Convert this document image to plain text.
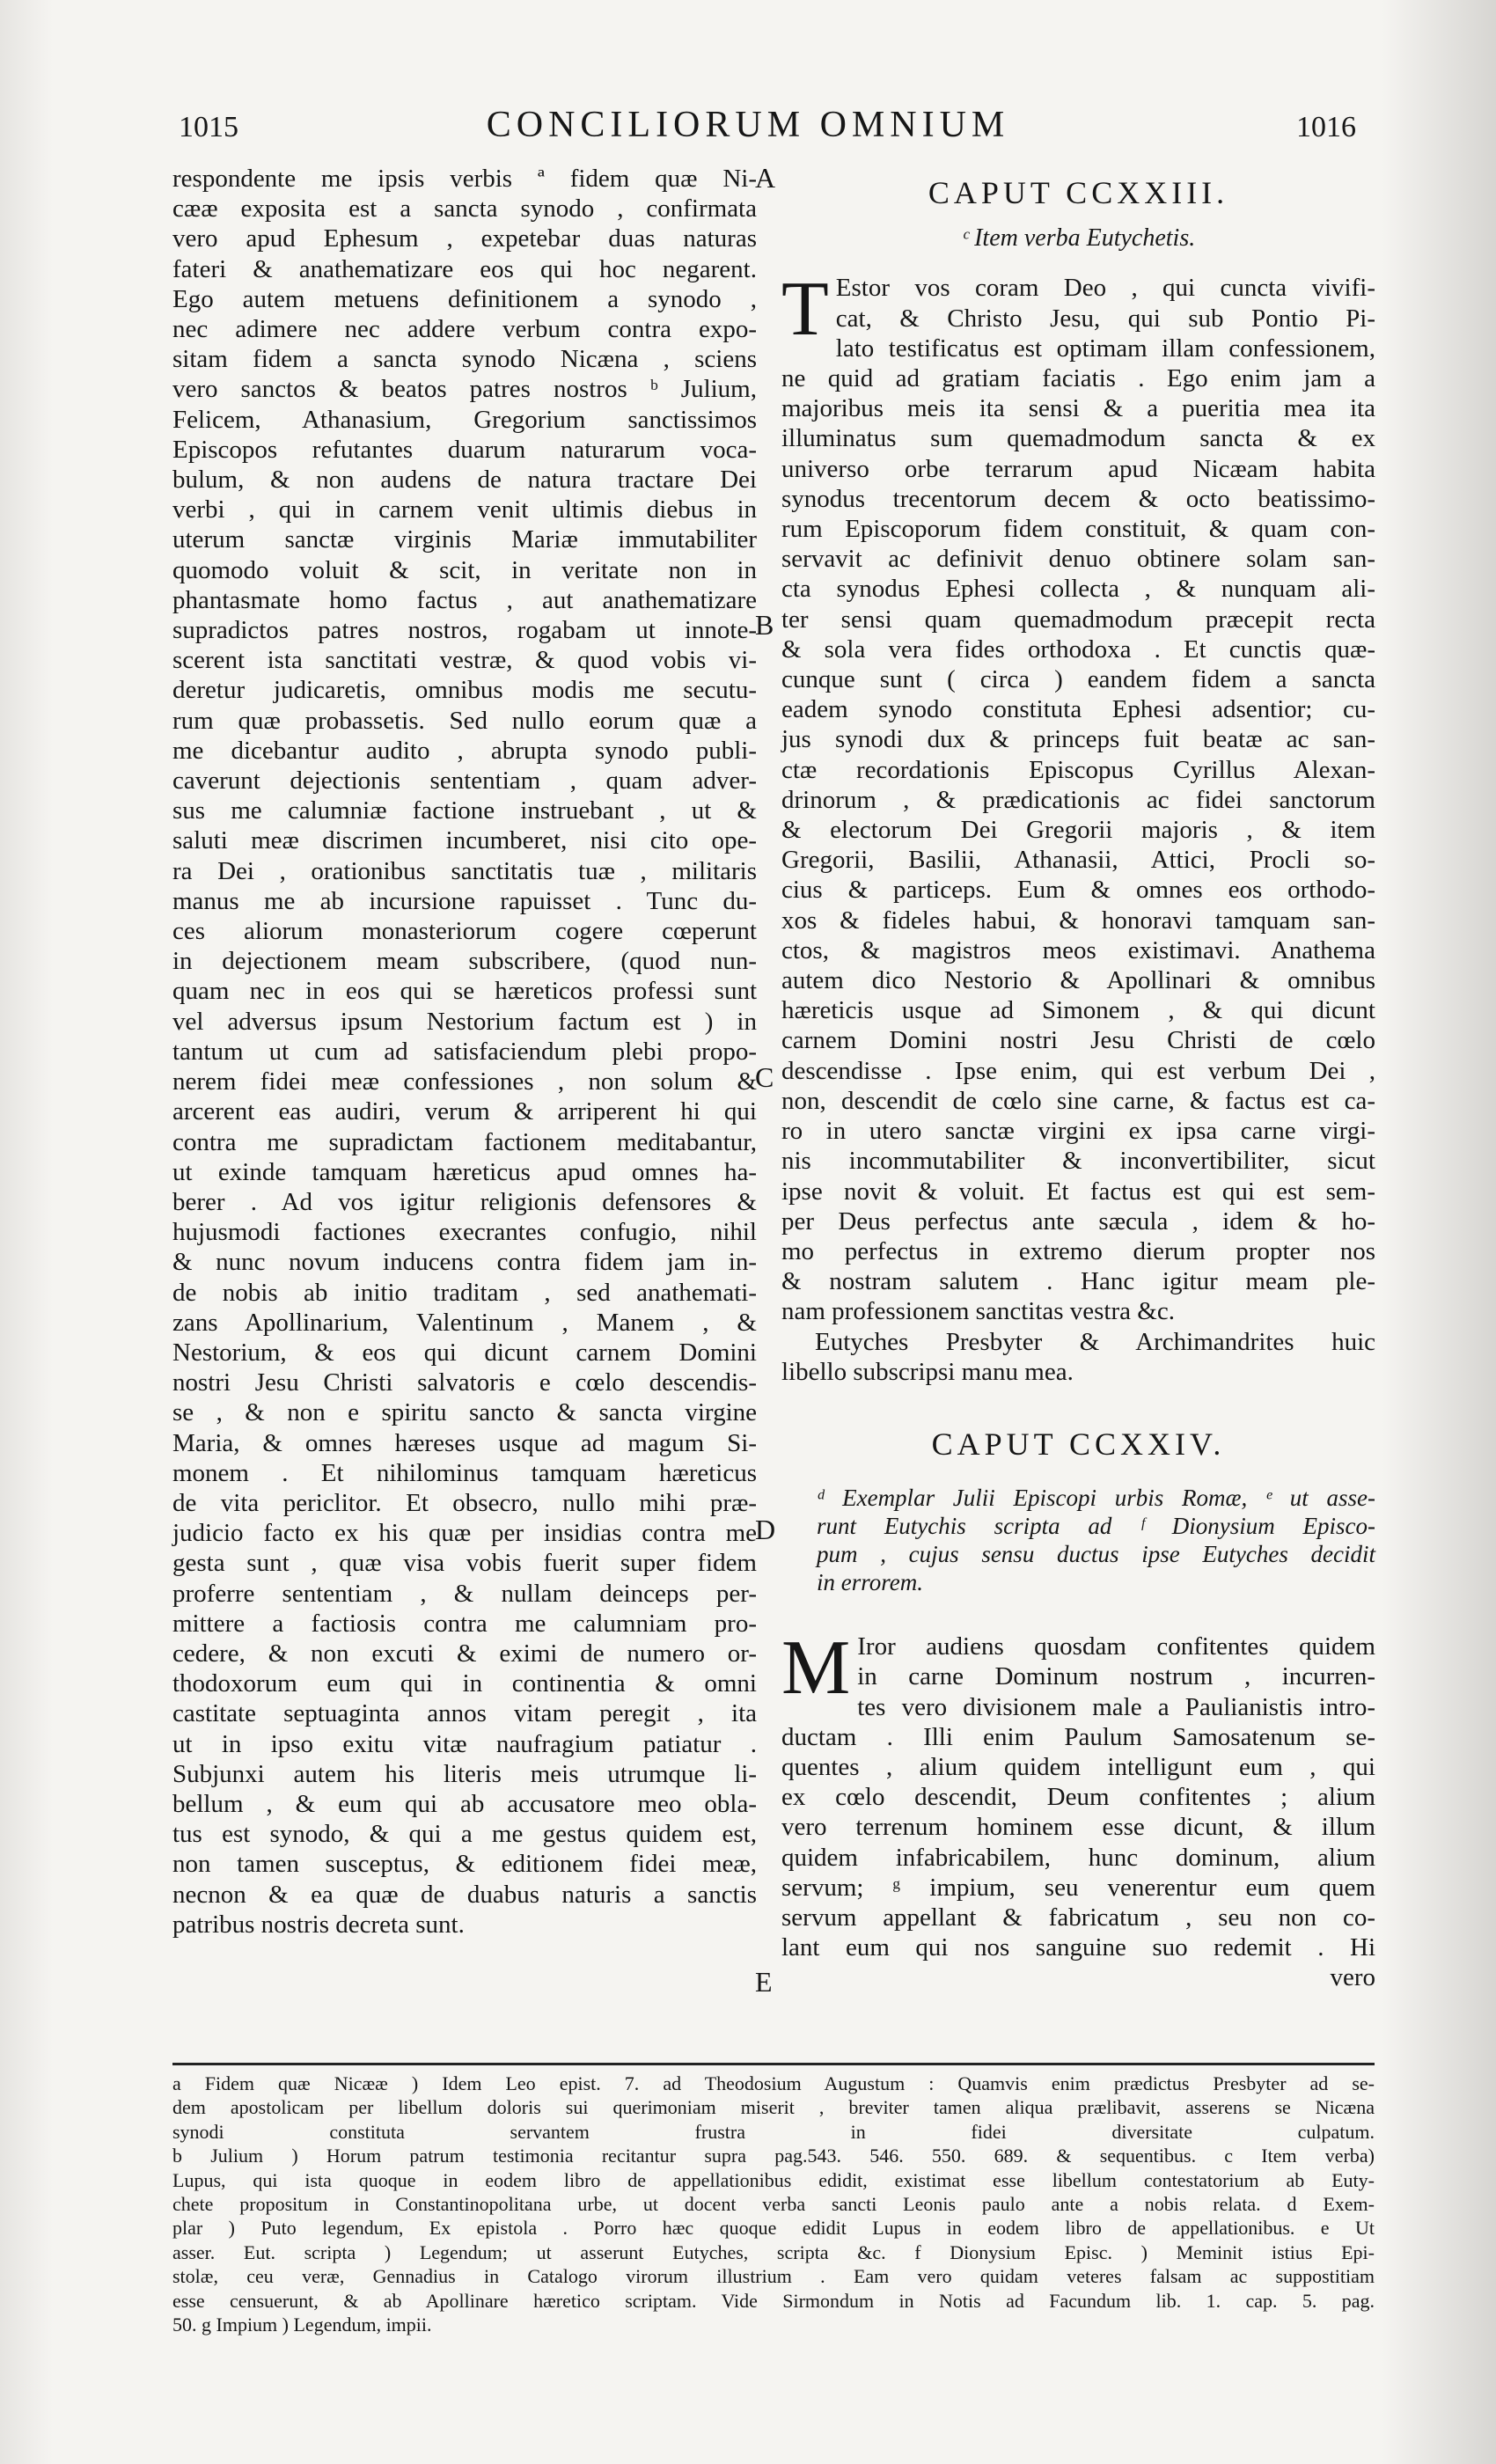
1015	CONCILIORUM OMNIUM	1016
A
B
C
D
E
respondente me ipsis verbis ª fidem quæ Ni-
cææ exposita est a sancta synodo , confirmata
vero apud Ephesum , expetebar duas naturas
fateri & anathematizare eos qui hoc negarent.
Ego autem metuens definitionem a synodo ,
nec adimere nec addere verbum contra expo-
sitam fidem a sancta synodo Nicæna , sciens
vero sanctos & beatos patres nostros ᵇ Julium,
Felicem, Athanasium, Gregorium sanctissimos
Episcopos refutantes duarum naturarum voca-
bulum, & non audens de natura tractare Dei
verbi , qui in carnem venit ultimis diebus in
uterum sanctæ virginis Mariæ immutabiliter
quomodo voluit & scit, in veritate non in
phantasmate homo factus , aut anathematizare
supradictos patres nostros, rogabam ut innote-
scerent ista sanctitati vestræ, & quod vobis vi-
deretur judicaretis, omnibus modis me secutu-
rum quæ probassetis. Sed nullo eorum quæ a
me dicebantur audito , abrupta synodo publi-
caverunt dejectionis sententiam , quam adver-
sus me calumniæ factione instruebant , ut &
saluti meæ discrimen incumberet, nisi cito ope-
ra Dei , orationibus sanctitatis tuæ , militaris
manus me ab incursione rapuisset . Tunc du-
ces aliorum monasteriorum cogere cœperunt
in dejectionem meam subscribere, (quod nun-
quam nec in eos qui se hæreticos professi sunt
vel adversus ipsum Nestorium factum est ) in
tantum ut cum ad satisfaciendum plebi propo-
nerem fidei meæ confessiones , non solum &
arcerent eas audiri, verum & arriperent hi qui
contra me supradictam factionem meditabantur,
ut exinde tamquam hæreticus apud omnes ha-
berer . Ad vos igitur religionis defensores &
hujusmodi factiones execrantes confugio, nihil
& nunc novum inducens contra fidem jam in-
de nobis ab initio traditam , sed anathemati-
zans Apollinarium, Valentinum , Manem , &
Nestorium, & eos qui dicunt carnem Domini
nostri Jesu Christi salvatoris e cœlo descendis-
se , & non e spiritu sancto & sancta virgine
Maria, & omnes hæreses usque ad magum Si-
monem . Et nihilominus tamquam hæreticus
de vita periclitor. Et obsecro, nullo mihi præ-
judicio facto ex his quæ per insidias contra me
gesta sunt , quæ visa vobis fuerit super fidem
proferre sententiam , & nullam deinceps per-
mittere a factiosis contra me calumniam pro-
cedere, & non excuti & eximi de numero or-
thodoxorum eum qui in continentia & omni
castitate septuaginta annos vitam peregit , ita
ut in ipso exitu vitæ naufragium patiatur .
Subjunxi autem his literis meis utrumque li-
bellum , & eum qui ab accusatore meo obla-
tus est synodo, & qui a me gestus quidem est,
non tamen susceptus, & editionem fidei meæ,
necnon & ea quæ de duabus naturis a sanctis
patribus nostris decreta sunt.
CAPUT CCXXIII.
ᶜ Item verba Eutychetis.
T Estor vos coram Deo , qui cuncta vivifi-
cat, & Christo Jesu, qui sub Pontio Pi-
lato testificatus est optimam illam confessionem,
ne quid ad gratiam faciatis . Ego enim jam a
majoribus meis ita sensi & a pueritia mea ita
illuminatus sum quemadmodum sancta & ex
universo orbe terrarum apud Nicæam habita
synodus trecentorum decem & octo beatissimo-
rum Episcoporum fidem constituit, & quam con-
servavit ac definivit denuo obtinere solam san-
cta synodus Ephesi collecta , & nunquam ali-
ter sensi quam quemadmodum præcepit recta
& sola vera fides orthodoxa . Et cunctis quæ-
cunque sunt ( circa ) eandem fidem a sancta
eadem synodo constituta Ephesi adsentior; cu-
jus synodi dux & princeps fuit beatæ ac san-
ctæ recordationis Episcopus Cyrillus Alexan-
drinorum , & prædicationis ac fidei sanctorum
& electorum Dei Gregorii majoris , & item
Gregorii, Basilii, Athanasii, Attici, Procli so-
cius & particeps. Eum & omnes eos orthodo-
xos & fideles habui, & honoravi tamquam san-
ctos, & magistros meos existimavi. Anathema
autem dico Nestorio & Apollinari & omnibus
hæreticis usque ad Simonem , & qui dicunt
carnem Domini nostri Jesu Christi de cœlo
descendisse . Ipse enim, qui est verbum Dei ,
non, descendit de cœlo sine carne, & factus est ca-
ro in utero sanctæ virgini ex ipsa carne virgi-
nis incommutabiliter & inconvertibiliter, sicut
ipse novit & voluit. Et factus est qui est sem-
per Deus perfectus ante sæcula , idem & ho-
mo perfectus in extremo dierum propter nos
& nostram salutem . Hanc igitur meam ple-
nam professionem sanctitas vestra &c.
Eutyches Presbyter & Archimandrites huic
libello subscripsi manu mea.
CAPUT CCXXIV.
ᵈ Exemplar Julii Episcopi urbis Romæ, ᵉ ut asse-
runt Eutychis scripta ad ᶠ Dionysium Episco-
pum , cujus sensu ductus ipse Eutyches decidit
in errorem.
M Iror audiens quosdam confitentes quidem
in carne Dominum nostrum , incurren-
tes vero divisionem male a Paulianistis intro-
ductam . Illi enim Paulum Samosatenum se-
quentes , alium quidem intelligunt eum , qui
ex cœlo descendit, Deum confitentes ; alium
vero terrenum hominem esse dicunt, & illum
quidem infabricabilem, hunc dominum, alium
servum; ᵍ impium, seu venerentur eum quem
servum appellant & fabricatum , seu non co-
lant eum qui nos sanguine suo redemit . Hi
vero
a Fidem quæ Nicææ ) Idem Leo epist. 7. ad Theodosium Augustum : Quamvis enim prædictus Presbyter ad se-
dem apostolicam per libellum doloris sui querimoniam miserit , breviter tamen aliqua prælibavit, asserens se Nicæna
synodi constituta servantem frustra in fidei diversitate culpatum.
b Julium ) Horum patrum testimonia recitantur supra pag.543. 546. 550. 689. & sequentibus. c Item verba)
Lupus, qui ista quoque in eodem libro de appellationibus edidit, existimat esse libellum contestatorium ab Euty-
chete propositum in Constantinopolitana urbe, ut docent verba sancti Leonis paulo ante a nobis relata. d Exem-
plar ) Puto legendum, Ex epistola . Porro hæc quoque edidit Lupus in eodem libro de appellationibus. e Ut
asser. Eut. scripta ) Legendum; ut asserunt Eutyches, scripta &c. f Dionysium Episc. ) Meminit istius Epi-
stolæ, ceu veræ, Gennadius in Catalogo virorum illustrium . Eam vero quidam veteres falsam ac suppostitiam
esse censuerunt, & ab Apollinare hæretico scriptam. Vide Sirmondum in Notis ad Facundum lib. 1. cap. 5. pag.
50. g Impium ) Legendum, impii.
